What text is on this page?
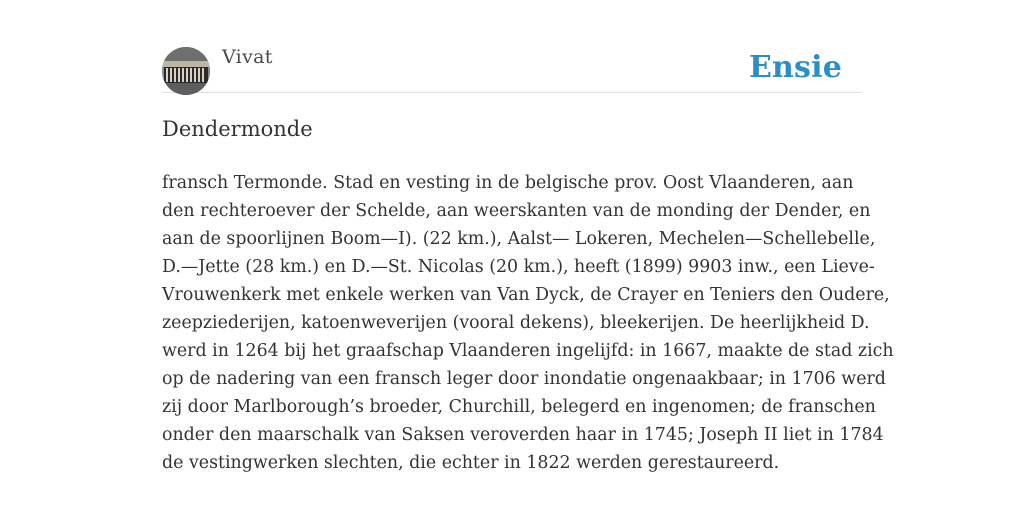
Vivat	Ensie
Dendermonde

fransch Termonde. Stad en vesting in de belgische prov. Oost Vlaanderen, aan
den rechteroever der Schelde, aan weerskanten van de monding der Dender, en
aan de spoorlijnen Boom—I). (22 km.), Aalst— Lokeren, Mechelen—Schellebelle,
D.—Jette (28 km.) en D.—St. Nicolas (20 km.), heeft (1899) 9903 inw., een Lieve-
Vrouwenkerk met enkele werken van Van Dyck, de Crayer en Teniers den Oudere,
zeepziederijen, katoenweverijen (vooral dekens), bleekerijen. De heerlijkheid D.
werd in 1264 bij het graafschap Vlaanderen ingelijfd: in 1667, maakte de stad zich
op de nadering van een fransch leger door inondatie ongenaakbaar; in 1706 werd
zij door Marlborough’s broeder, Churchill, belegerd en ingenomen; de franschen
onder den maarschalk van Saksen veroverden haar in 1745; Joseph II liet in 1784
de vestingwerken slechten, die echter in 1822 werden gerestaureerd.
